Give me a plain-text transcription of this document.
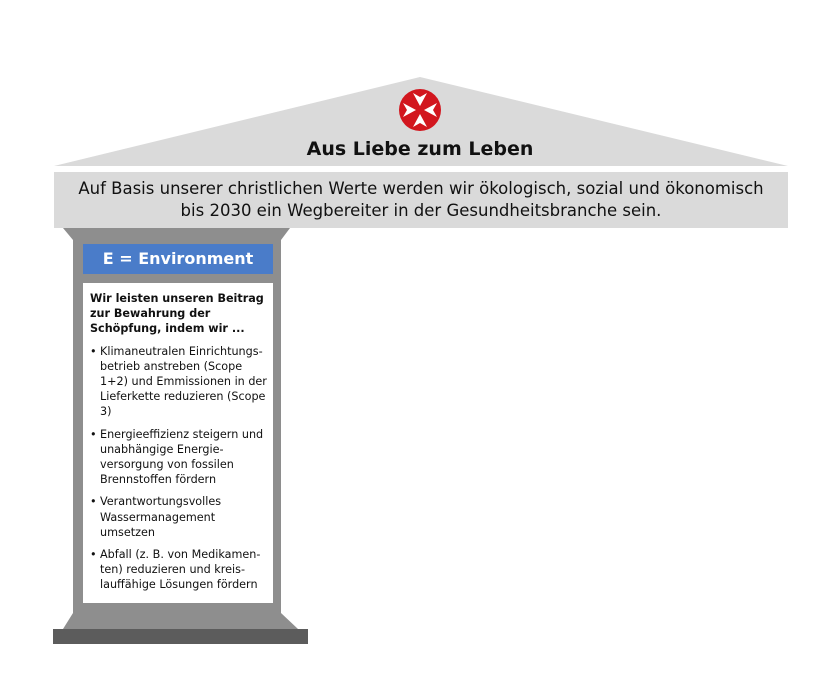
Aus Liebe zum Leben
Auf Basis unserer christlichen Werte werden wir ökologisch, sozial und ökonomisch
bis 2030 ein Wegbereiter in der Gesundheitsbranche sein.
E = Environment
Wir leisten unseren Beitrag zur Bewahrung der Schöpfung, indem wir ...
• Klimaneutralen Einrichtungs-betrieb anstreben (Scope 1+2) und Emmissionen in der Lieferkette reduzieren (Scope 3)
• Energieeffizienz steigern und unabhängige Energie-versorgung von fossilen Brennstoffen fördern
• Verantwortungsvolles Wassermanagement umsetzen
• Abfall (z. B. von Medikamen-ten) reduzieren und kreis-lauffähige Lösungen fördern
